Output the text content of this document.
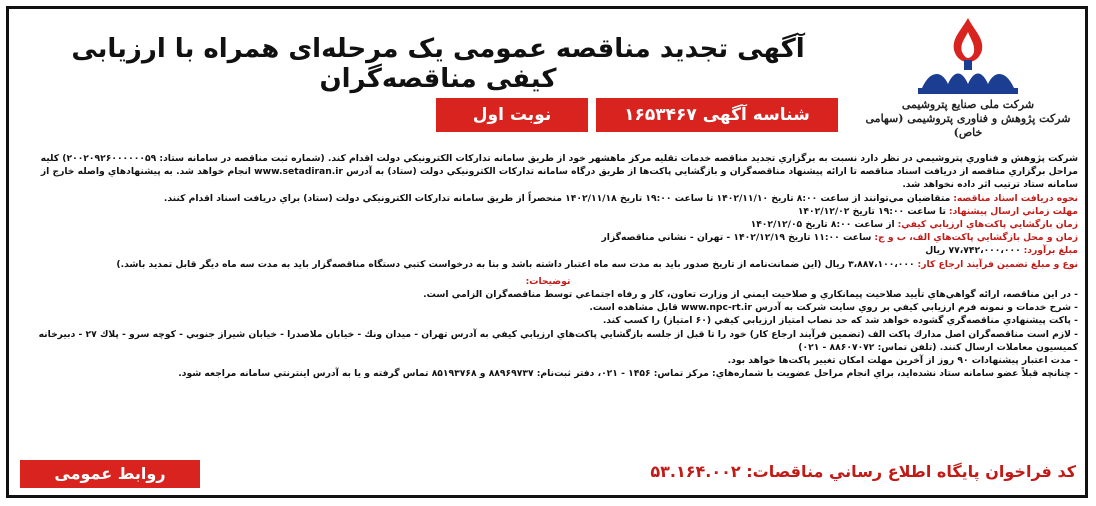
شرکت ملی صنایع پتروشیمی
شرکت پژوهش و فناوری پتروشیمی (سهامی خاص)
آگهی تجدید مناقصه عمومی یک مرحله‌ای همراه با ارزیابی کیفی مناقصه‌گران
شناسه آگهی ۱۶۵۳۴۶۷
نوبت اول

شرکت پژوهش و فناوري پتروشيمي در نظر دارد نسبت به برگزاري تجديد مناقصه خدمات تقليه مركز ماهشهر خود از طريق سامانه تداركات الكترونيكي دولت اقدام كند. (شماره ثبت مناقصه در سامانه ستاد: ۲۰۰۲۰۹۲۶۰۰۰۰۰۰۵۹) كليه مراحل برگزاري مناقصه از دريافت اسناد مناقصه تا ارائه پيشنهاد مناقصه‌گران و بازگشايي پاكت‌ها از طريق درگاه سامانه تداركات الكترونيكي دولت (ستاد) به آدرس www.setadiran.ir انجام خواهد شد. به پيشنهادهاي واصله خارج از سامانه ستاد ترتيب اثر داده نخواهد شد.

نحوه دريافت اسناد مناقصه: متقاضيان مي‌توانند از ساعت ۸:۰۰ تاريخ ۱۴۰۲/۱۱/۱۰ تا ساعت ۱۹:۰۰ تاريخ ۱۴۰۲/۱۱/۱۸ منحصراً از طريق سامانه تداركات الكترونيكي دولت (ستاد) براي دريافت اسناد اقدام كنند.

مهلت زماني ارسال پيشنهاد: تا ساعت ۱۹:۰۰ تاريخ ۱۴۰۲/۱۲/۰۲

زمان بازگشايي پاكت‌هاي ارزيابي كيفي: از ساعت ۸:۰۰ تاريخ ۱۴۰۲/۱۲/۰۵

زمان و محل بازگشايي پاكت‌هاي الف، ب و ج: ساعت ۱۱:۰۰ تاريخ ۱۴۰۲/۱۲/۱۹ - تهران - نشاني مناقصه‌گزار

مبلغ برآورد: ۷۷،۷۴۲،۰۰۰،۰۰۰ ريال

نوع و مبلغ تضمين فرآيند ارجاع كار: ۳،۸۸۷،۱۰۰،۰۰۰ ريال (اين ضمانت‌نامه از تاريخ صدور بايد به مدت سه ماه اعتبار داشته باشد و بنا به درخواست كتبي دستگاه مناقصه‌گزار بايد به مدت سه ماه ديگر قابل تمديد باشد.)

توضيحات:

- در اين مناقصه، ارائه گواهي‌هاي تأييد صلاحيت پيمانكاري و صلاحيت ايمني از وزارت تعاون، كار و رفاه اجتماعي توسط مناقصه‌گران الزامي است.

- شرح خدمات و نمونه فرم ارزيابي كيفي بر روي سايت شركت به آدرس www.npc-rt.ir قابل مشاهده است.

- پاكت پيشنهادي مناقصه‌گري گشوده خواهد شد كه حد نصاب امتياز ارزيابي كيفي (۶۰ امتياز) را كسب كند.

- لازم است مناقصه‌گران اصل مدارك پاكت الف (تضمين فرآيند ارجاع كار) خود را تا قبل از جلسه بازگشايي پاكت‌هاي ارزيابي كيفي به آدرس تهران - ميدان ونك - خيابان ملاصدرا - خيابان شيراز جنوبي - كوچه سرو - پلاك ۲۷ - دبيرخانه كميسيون معاملات ارسال كنند. (تلفن تماس: ۸۸۶۰۷۰۷۲ - ۰۲۱)

- مدت اعتبار پيشنهادات ۹۰ روز از آخرين مهلت امكان تغيير پاكت‌ها خواهد بود.

- چنانچه قبلاً عضو سامانه ستاد نشده‌ايد، براي انجام مراحل عضويت با شماره‌هاي: مركز تماس: ۱۴۵۶ - ۰۲۱، دفتر ثبت‌نام: ۸۸۹۶۹۷۳۷ و ۸۵۱۹۳۷۶۸ تماس گرفته و يا به آدرس اينترنتي سامانه مراجعه شود.

كد فراخوان پايگاه اطلاع رساني مناقصات: ۵۳.۱۶۴.۰۰۲
روابط عمومی
